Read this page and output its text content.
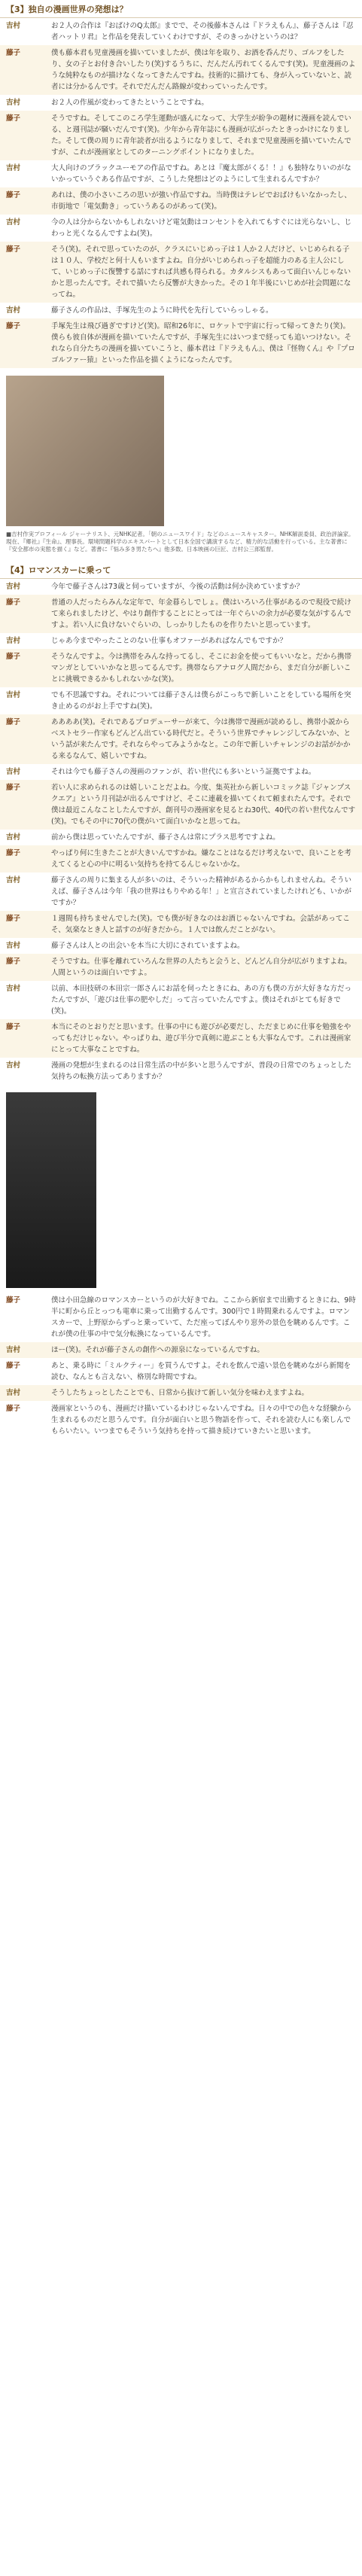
【3】独自の漫画世界の発想は？
吉村	お２人の合作は『おばけのQ太郎』までで、その後藤本さんは『ドラえもん』、藤子さんは『忍者ハットリ君』と作品を発表していくわけですが、そのきっかけというのは？
藤子	僕も藤本君も児童漫画を描いていましたが、僕は年を取り、お酒を呑んだり、ゴルフをしたり、女の子とお付き合いしたり(笑)するうちに、だんだん汚れてくるんです(笑)。児童漫画のような純粋なものが描けなくなってきたんですね。技術的に描けても、身が入っていないと、読者には分かるんです。それでだんだん路線が変わっていったんです。
吉村	お２人の作風が変わってきたということですね。
藤子	そうですね。そしてこのころ学生運動が盛んになって、大学生が紛争の題材に漫画を読んでいる、と週刊誌が騒いだんです(笑)。少年から青年誌にも漫画が広がったときっかけになりました。そして僕の周りに青年読者が出るようになりまして、それまで児童漫画を描いていたんですが、これが漫画家としてのターニングポイントになりました。
吉村	大人向けのブラックユーモアの作品ですね。あとは『魔太郎がくる！！』も独特なりいのがないかっていうぐある作品ですが、こうした発想はどのようにして生まれるんですか？
藤子	あれは、僕の小さいころの思いが強い作品ですね。当時僕はテレビでおばけもいなかったし、市街地で「電気動き」っていうあるのがあって(笑)。
吉村	今の人は分からないかもしれないけど電気動はコンセントを入れてもすぐには光らないし、じわっと光くなるんですよね(笑)。
藤子	そう(笑)。それで思っていたのが、クラスにいじめっ子は１人か２人だけど、いじめられる子は１０人、学校だと何十人もいますよね。自分がいじめられっ子を超能力のある主人公にして、いじめっ子に復讐する話にすれば共感も得られる。カタルシスもあって面白いんじゃないかと思ったんです。それで描いたら反響が大きかった。その１年半後にいじめが社会問題になってね。
吉村	藤子さんの作品は、手塚先生のように時代を先行していらっしゃる。
藤子	手塚先生は飛び過ぎですけど(笑)。昭和26年に、ロケットで宇宙に行って帰ってきたり(笑)。僕らも彼自体が漫画を描いていたんですが、手塚先生にはいつまで経っても追いつけない。それなら自分たちの漫画を描いていこうと、藤本君は『ドラえもん』、僕は『怪物くん』や『プロゴルファー猿』といった作品を描くようになったんです。
■吉村作実プロフィール ジャーナリスト、元NHK記者。「朝のニュースワイド」などのニュースキャスター。NHK解説委員、政治評論家。現在、『郷社』『生命』、理事長。環境問題科学のエキスパートとして日本全国で講演するなど、精力的な活動を行っている。主な著書に『安全都市の実態を描く』など。著書に『悩み多き男たちへ』他多数。日本映画の巨匠、吉村公三郎監督。
【4】ロマンスカーに乗って
吉村	今年で藤子さんは73歳と伺っていますが、今後の活動は何か決めていますか？
藤子	普通の人だったらみんな定年で、年金暮らしでしょ。僕はいろいろ仕事があるので現役で続けて来られましたけど、やはり創作することにとっては一年ぐらいの余力が必要な気がするんですよ。若い人に負けないぐらいの、しっかりしたものを作りたいと思っています。
吉村	じゃあ今までやったことのない仕事もオファーがあればなんでもですか？
藤子	そうなんですよ。今は携帯をみんな持ってるし、そこにお金を使ってもいいなと。だから携帯マンガとしていいかなと思ってるんです。携帯ならアナログ人間だから、まだ自分が新しいことに挑戦できるかもしれないかな(笑)。
吉村	でも不思議ですね。それについては藤子さんは僕らがこっちで新しいことをしている場所を突き止めるのがお上手ですね(笑)。
藤子	ああああ(笑)。それであるプロデューサーが来て、今は携帯で漫画が読めるし、携帯小説からベストセラー作家もどんどん出ている時代だと。そういう世界でチャレンジしてみないか、という話が来たんです。それならやってみようかなと。この年で新しいチャレンジのお話がかかる来るなんて、嬉しいですね。
吉村	それは今でも藤子さんの漫画のファンが、若い世代にも多いという証拠ですよね。
藤子	若い人に求められるのは嬉しいことだよね。今度、集英社から新しいコミック誌『ジャンプスクエア』という月刊誌が出るんですけど、そこに連載を描いてくれて頼まれたんです。それで僕は最近こんなことしたんですが、創刊号の漫画家を見るとね30代、40代の若い世代なんです(笑)。でもその中に70代の僕がいて面白いかなと思ってね。
吉村	前から僕は思っていたんですが、藤子さんは常にプラス思考ですよね。
藤子	やっぱり何に生きたことが大きいんですかね。嫌なことはなるだけ考えないで、良いことを考えてくると心の中に明るい気持ちを持てるんじゃないかな。
吉村	藤子さんの周りに集まる人が多いのは、そういった精神があるからかもしれませんね。そういえば、藤子さんは今年「我の世界はもりやめる年！」と宣言されていましたけれども、いかがですか？
藤子	１週間も持ちませんでした(笑)。でも僕が好きなのはお酒じゃないんですね。会話があってこそ、気楽なとき人と話すのが好きだから。１人では飲んだことがない。
吉村	藤子さんは人との出会いを本当に大切にされていますよね。
藤子	そうですね。仕事を離れていろんな世界の人たちと会うと、どんどん自分が広がりますよね。人間というのは面白いですよ。
吉村	以前、本田技研の本田宗一郎さんにお話を伺ったときにね、あの方も僕の方が大好きな方だったんですが、「遊びは仕事の肥やしだ」って言っていたんですよ。僕はそれがとても好きで(笑)。
藤子	本当にそのとおりだと思います。仕事の中にも遊びが必要だし、ただまじめに仕事を勉強をやってもだけじゃない。やっぱりね、遊び半分で真剣に遊ぶことも大事なんです。これは漫画家にとって大事なことですね。
吉村	漫画の発想が生まれるのは日常生活の中が多いと思うんですが、普段の日常でのちょっとした気持ちの転換方法ってありますか？
藤子	僕は小田急線のロマンスカーというのが大好きでね。ここから新宿まで出勤するときにね、9時半に町から丘とっつも電車に乗って出勤するんです。300円で１時間乗れるんですよ。ロマンスカーで、上野原からずっと乗っていて、ただ座ってぼんやり窓外の景色を眺めるんです。これが僕の仕事の中で気分転換になっているんです。
吉村	ほー(笑)。それが藤子さんの創作への源泉になっているんですね。
藤子	あと、乗る時に「ミルクティー」を買うんですよ。それを飲んで遠い景色を眺めながら新聞を読む、なんとも言えない、格別な時間ですね。
吉村	そうしたちょっとしたことでも、日常から抜けて新しい気分を味わえますよね。
藤子	漫画家というのも、漫画だけ描いているわけじゃないんですね。日々の中での色々な経験から生まれるものだと思うんです。自分が面白いと思う物語を作って、それを読む人にも楽しんでもらいたい。いつまでもそういう気持ちを持って描き続けていきたいと思います。
